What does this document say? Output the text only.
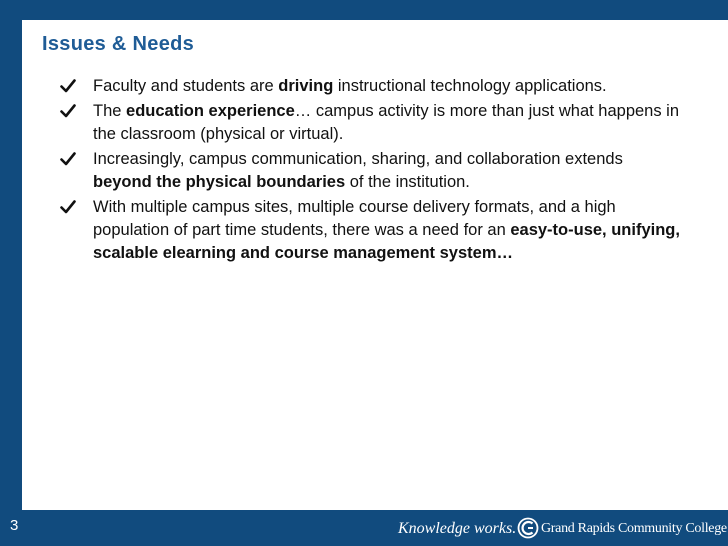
Issues & Needs
Faculty and students are driving instructional technology applications.
The education experience… campus activity is more than just what happens in the classroom (physical or virtual).
Increasingly, campus communication, sharing, and collaboration extends beyond the physical boundaries of the institution.
With multiple campus sites, multiple course delivery formats, and a high population of part time students, there was a need for an easy-to-use, unifying, scalable elearning and course management system…
3	Knowledge works. Grand Rapids Community College
